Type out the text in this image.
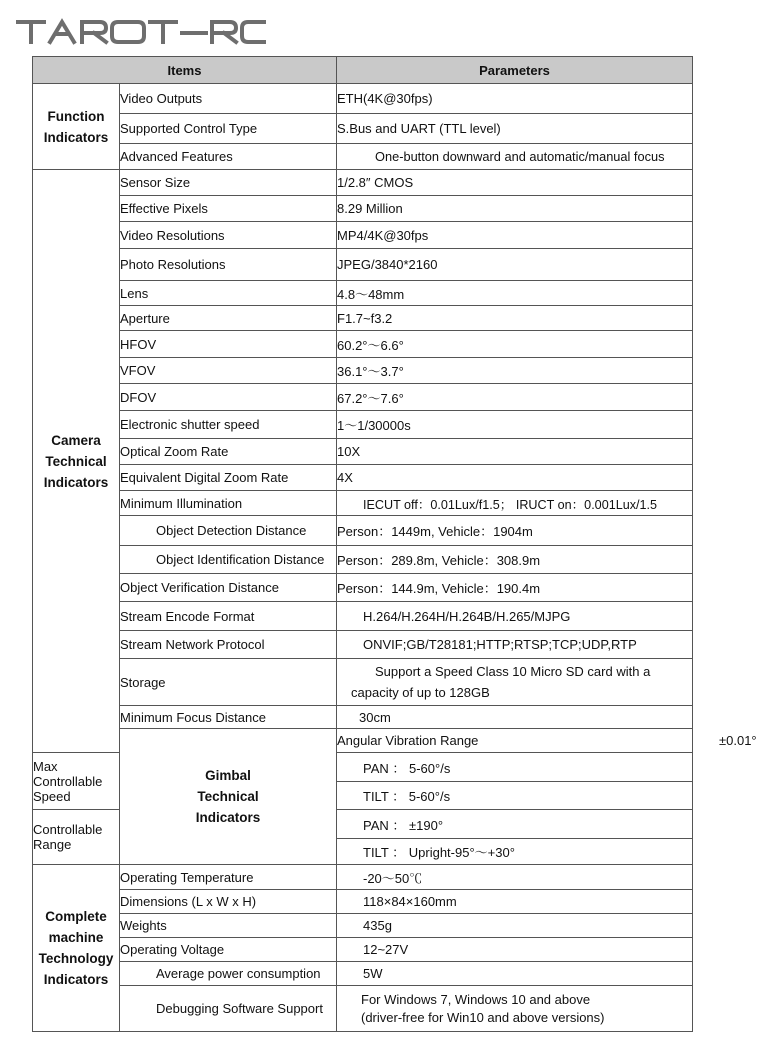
Items		Parameters	
Function
Indicators	Video Outputs	ETH(4K@30fps)	
	Supported Control Type	S.Bus and UART (TTL level)	
	Advanced Features	One-button downward and automatic/manual focus	
Camera
Technical
Indicators	Sensor Size	1/2.8″ CMOS	
	Effective Pixels	8.29 Million	
	Video Resolutions	MP4/4K@30fps	
	Photo Resolutions	JPEG/3840*2160	
	Lens	4.8～48mm	
	Aperture	F1.7~f3.2	
	HFOV	60.2°～6.6°	
	VFOV	36.1°～3.7°	
	DFOV	67.2°～7.6°	
	Electronic shutter speed	1～1/30000s	
	Optical Zoom Rate	10X	
	Equivalent Digital Zoom Rate	4X	
	Minimum Illumination	IECUT off：0.01Lux/f1.5； IRUCT on：0.001Lux/1.5	
	Object Detection Distance	Person：1449m, Vehicle：1904m	
	Object Identification Distance	Person：289.8m, Vehicle：308.9m	
	Object Verification Distance	Person：144.9m, Vehicle：190.4m	
	Stream Encode Format	H.264/H.264H/H.264B/H.265/MJPG	
	Stream Network Protocol	ONVIF;GB/T28181;HTTP;RTSP;TCP;UDP,RTP	
	Storage	Support a Speed Class 10 Micro SD card with a
capacity of up to 128GB	

	Minimum Focus Distance	30cm	
	Gimbal
Technical
Indicators	Angular Vibration Range	±0.01°
Max Controllable Speed		PAN ： 5-60°/s	
		TILT ： 5-60°/s	
Controllable Range		PAN ： ±190°	
		TILT ： Upright-95°～+30°	
Complete
machine
Technology
Indicators	Operating Temperature	-20～50℃	
	Dimensions (L x W x H)	118×84×160mm	
	Weights	435g	
	Operating Voltage	12~27V	
	Average power consumption	5W	
	Debugging Software Support	For Windows 7, Windows 10 and above
(driver-free for Win10 and above versions)	
